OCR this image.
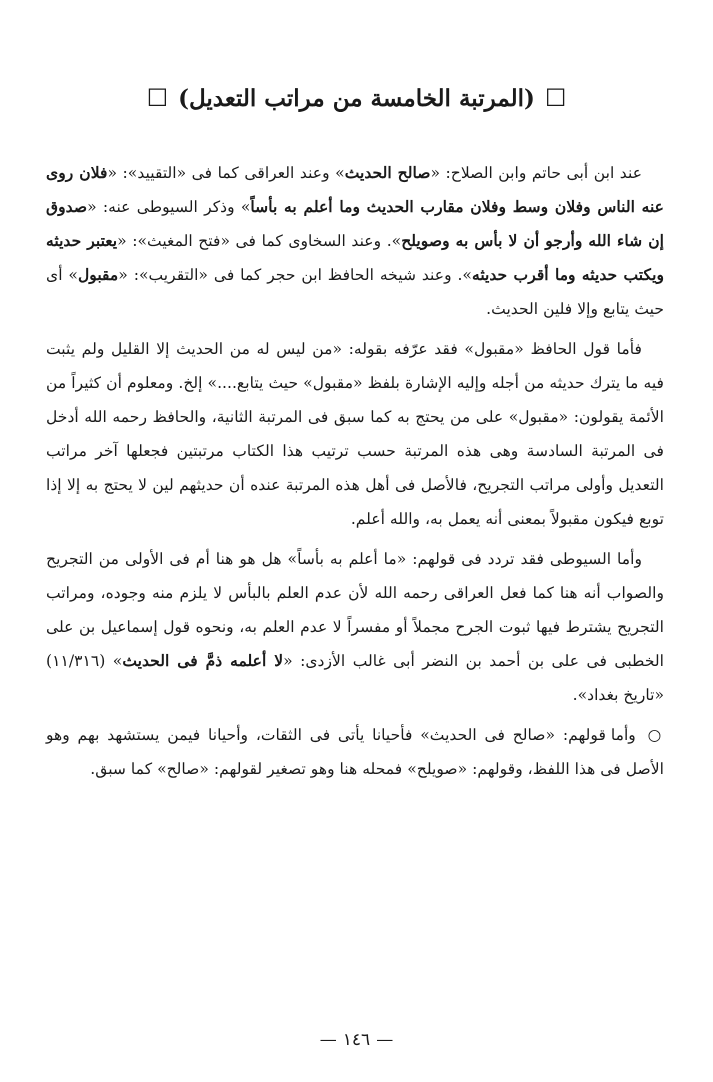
☐(المرتبة الخامسة من مراتب التعديل)☐

عند ابن أبى حاتم وابن الصلاح: «صالح الحديث» وعند العراقى كما فى «التقييد»: «فلان روى عنه الناس وفلان وسط وفلان مقارب الحديث وما أعلم به بأساً» وذكر السيوطى عنه: «صدوق إن شاء الله وأرجو أن لا بأس به وصويلح». وعند السخاوى كما فى «فتح المغيث»: «يعتبر حديثه ويكتب حديثه وما أقرب حديثه». وعند شيخه الحافظ ابن حجر كما فى «التقريب»: «مقبول» أى حيث يتابع وإلا فلين الحديث.

فأما قول الحافظ «مقبول» فقد عرّفه بقوله: «من ليس له من الحديث إلا القليل ولم يثبت فيه ما يترك حديثه من أجله وإليه الإشارة بلفظ «مقبول» حيث يتابع....» إلخ. ومعلوم أن كثيراً من الأئمة يقولون: «مقبول» على من يحتج به كما سبق فى المرتبة الثانية، والحافظ رحمه الله أدخل فى المرتبة السادسة وهى هذه المرتبة حسب ترتيب هذا الكتاب مرتبتين فجعلها آخر مراتب التعديل وأولى مراتب التجريح، فالأصل فى أهل هذه المرتبة عنده أن حديثهم لين لا يحتج به إلا إذا توبع فيكون مقبولاً بمعنى أنه يعمل به، والله أعلم.

وأما السيوطى فقد تردد فى قولهم: «ما أعلم به بأساً» هل هو هنا أم فى الأولى من التجريح والصواب أنه هنا كما فعل العراقى رحمه الله لأن عدم العلم بالبأس لا يلزم منه وجوده، ومراتب التجريح يشترط فيها ثبوت الجرح مجملاً أو مفسراً لا عدم العلم به، ونحوه قول إسماعيل بن على الخطبى فى على بن أحمد بن النضر أبى غالب الأزدى: «لا أعلمه ذمَّ فى الحديث» (١١/٣١٦) «تاريخ بغداد».

○ وأما قولهم: «صالح فى الحديث» فأحيانا يأتى فى الثقات، وأحيانا فيمن يستشهد بهم وهو الأصل فى هذا اللفظ، وقولهم: «صويلح» فمحله هنا وهو تصغير لقولهم: «صالح» كما سبق.

—١٤٦—
